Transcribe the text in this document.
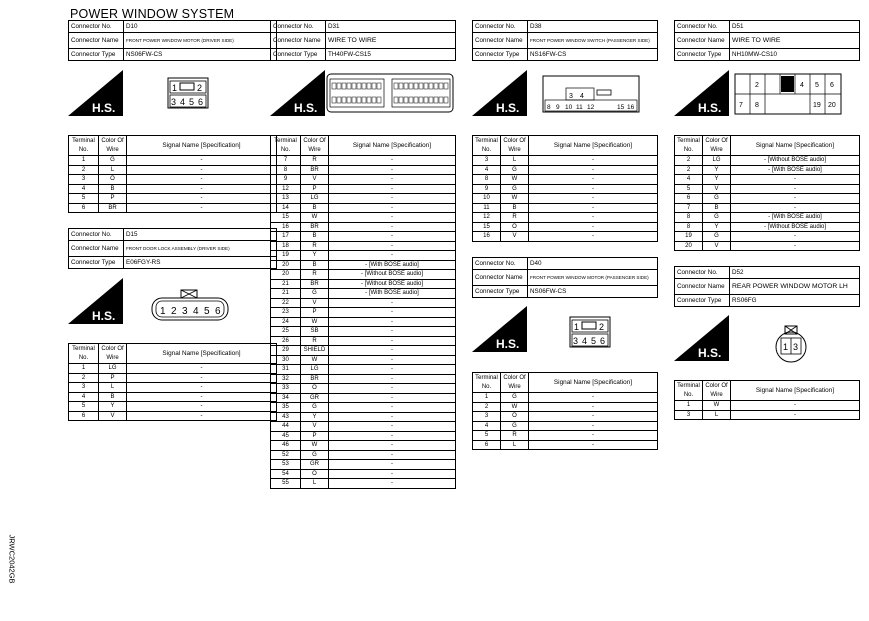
POWER WINDOW SYSTEM
JRWC2042GB
Connector No.	D10
Connector Name	FRONT POWER WINDOW MOTOR (DRIVER SIDE)
Connector Type	NS06FW-CS
H.S.
1 2
3 4 5 6
Terminal No.	Color Of Wire	Signal Name [Specification]
1	G	-
2	L	-
3	O	-
4	B	-
5	P	-
6	BR	-
Connector No.	D15
Connector Name	FRONT DOOR LOCK ASSEMBLY (DRIVER SIDE)
Connector Type	E06FGY-RS
H.S.	1 2 3 4 5 6
Terminal No.	Color Of Wire	Signal Name [Specification]
1	LG	-
2	P	-
3	L	-
4	B	-
5	Y	-
6	V	-
Connector No.	D31
Connector Name	WIRE TO WIRE
Connector Type	TH40FW-CS15
H.S.
Terminal No.	Color Of Wire	Signal Name [Specification]
7	R	-
8	BR	-
9	V	-
12	P	-
13	LG	-
14	B	-
15	W	-
16	BR	-
17	B	-
18	R	-
19	Y	-
20	B	- [With BOSE audio]
20	R	- [Without BOSE audio]
21	BR	- [Without BOSE audio]
21	G	- [With BOSE audio]
22	V	-
23	P	-
24	W	-
25	SB	-
26	R	-
29	SHIELD	-
30	W	-
31	LG	-
32	BR	-
33	O	-
34	GR	-
35	G	-
43	Y	-
44	V	-
45	P	-
46	W	-
52	G	-
53	GR	-
54	O	-
55	L	-
Connector No.	D38
Connector Name	FRONT POWER WINDOW SWITCH (PASSENGER SIDE)
Connector Type	NS16FW-CS
H.S.
3 4
8 9 10 11 12	15 16
Terminal No.	Color Of Wire	Signal Name [Specification]
3	L	-
4	G	-
8	W	-
9	G	-
10	W	-
11	B	-
12	R	-
15	O	-
16	V	-
Connector No.	D40
Connector Name	FRONT POWER WINDOW MOTOR (PASSENGER SIDE)
Connector Type	NS06FW-CS
H.S.
1 2
3 4 5 6
Terminal No.	Color Of Wire	Signal Name [Specification]
1	G	-
2	W	-
3	O	-
4	G	-
5	R	-
6	L	-
Connector No.	D51
Connector Name	WIRE TO WIRE
Connector Type	NH10MW-CS10
H.S.
2	4 5 6
7 8	19 20
Terminal No.	Color Of Wire	Signal Name [Specification]
2	LG	- [Without BOSE audio]
2	Y	- [With BOSE audio]
4	Y	-
5	V	-
6	G	-
7	B	-
8	G	- [With BOSE audio]
8	Y	- [Without BOSE audio]
19	G	-
20	V	-
Connector No.	D52
Connector Name	REAR POWER WINDOW MOTOR LH
Connector Type	RS06FG
H.S.	1 3
Terminal No.	Color Of Wire	Signal Name [Specification]
1	W	-
3	L	-
